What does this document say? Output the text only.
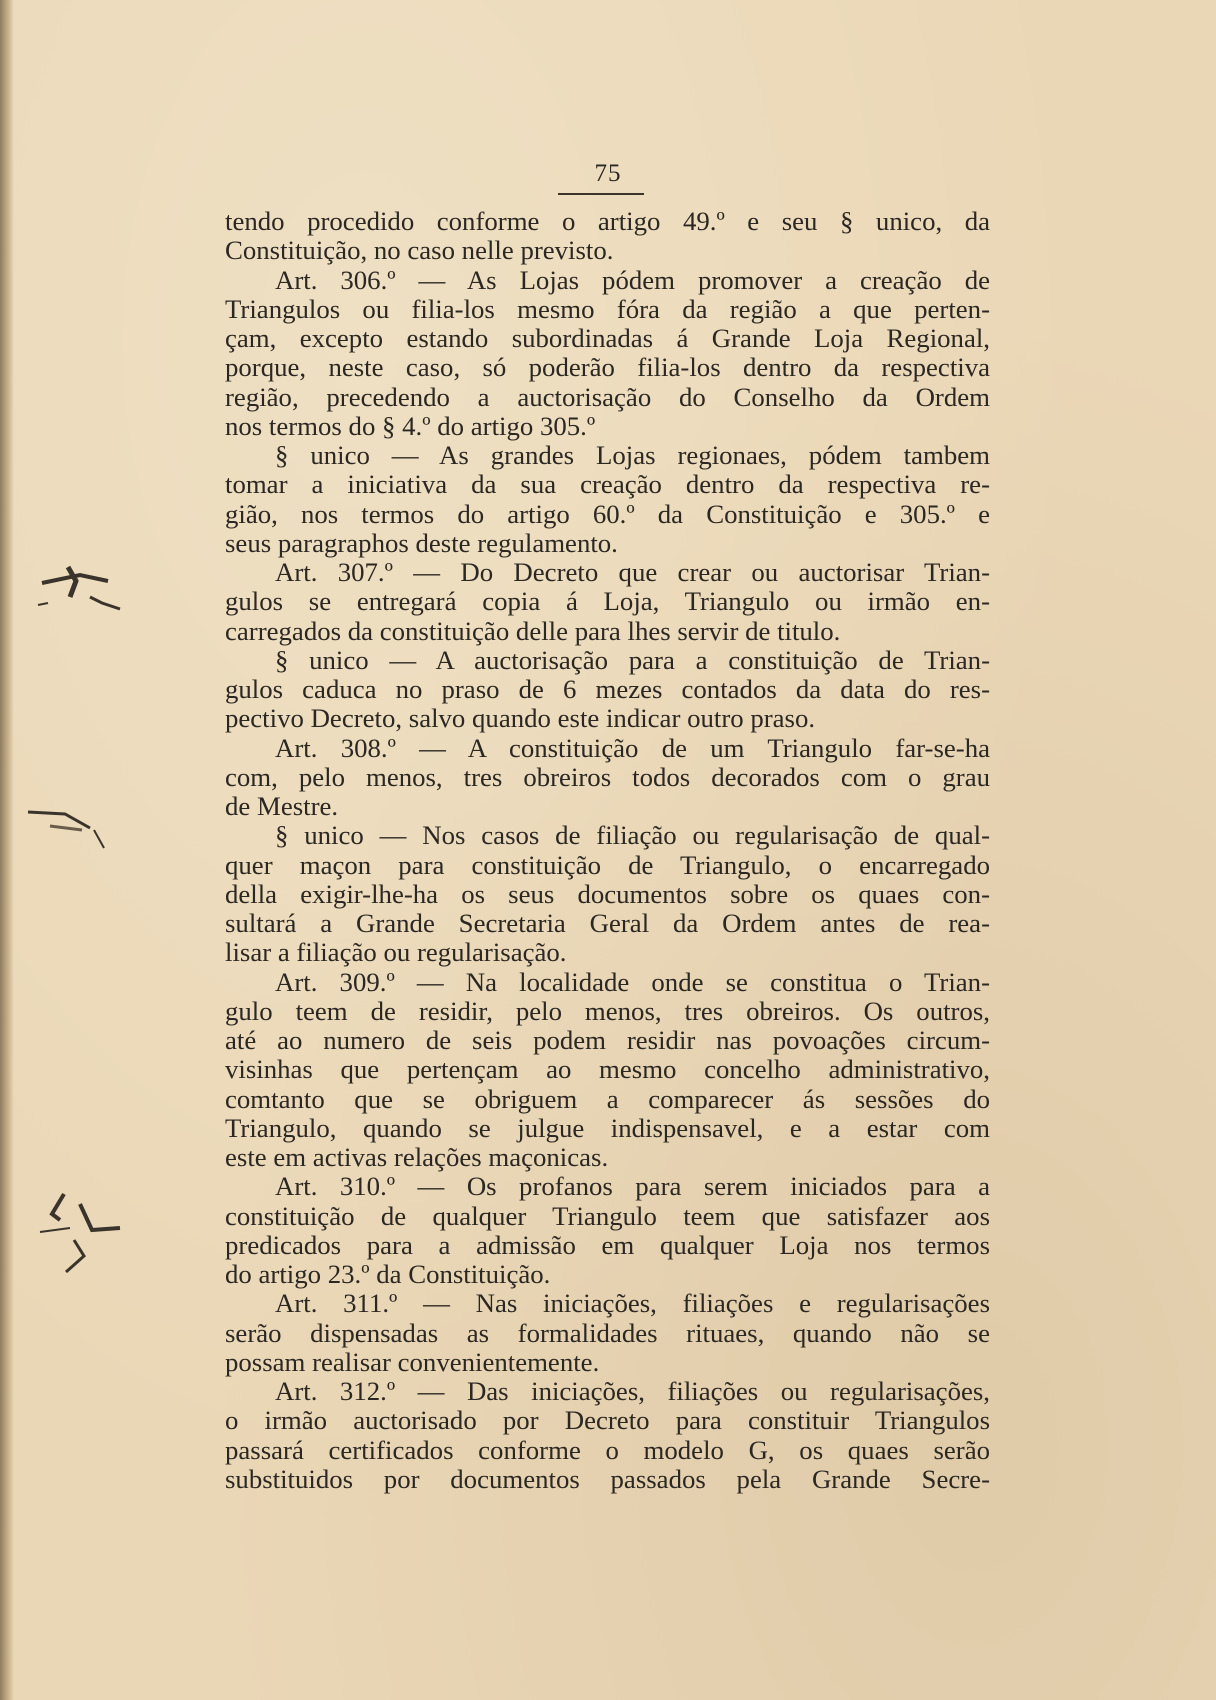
75
tendo procedido conforme o artigo 49.º e seu § unico, da
Constituição, no caso nelle previsto.
Art. 306.º — As Lojas pódem promover a creação de
Triangulos ou filia-los mesmo fóra da região a que perten-
çam, excepto estando subordinadas á Grande Loja Regional,
porque, neste caso, só poderão filia-los dentro da respectiva
região, precedendo a auctorisação do Conselho da Ordem
nos termos do § 4.º do artigo 305.º
§ unico — As grandes Lojas regionaes, pódem tambem
tomar a iniciativa da sua creação dentro da respectiva re-
gião, nos termos do artigo 60.º da Constituição e 305.º e
seus paragraphos deste regulamento.
Art. 307.º — Do Decreto que crear ou auctorisar Trian-
gulos se entregará copia á Loja, Triangulo ou irmão en-
carregados da constituição delle para lhes servir de titulo.
§ unico — A auctorisação para a constituição de Trian-
gulos caduca no praso de 6 mezes contados da data do res-
pectivo Decreto, salvo quando este indicar outro praso.
Art. 308.º — A constituição de um Triangulo far-se-ha
com, pelo menos, tres obreiros todos decorados com o grau
de Mestre.
§ unico — Nos casos de filiação ou regularisação de qual-
quer maçon para constituição de Triangulo, o encarregado
della exigir-lhe-ha os seus documentos sobre os quaes con-
sultará a Grande Secretaria Geral da Ordem antes de rea-
lisar a filiação ou regularisação.
Art. 309.º — Na localidade onde se constitua o Trian-
gulo teem de residir, pelo menos, tres obreiros. Os outros,
até ao numero de seis podem residir nas povoações circum-
visinhas que pertençam ao mesmo concelho administrativo,
comtanto que se obriguem a comparecer ás sessões do
Triangulo, quando se julgue indispensavel, e a estar com
este em activas relações maçonicas.
Art. 310.º — Os profanos para serem iniciados para a
constituição de qualquer Triangulo teem que satisfazer aos
predicados para a admissão em qualquer Loja nos termos
do artigo 23.º da Constituição.
Art. 311.º — Nas iniciações, filiações e regularisações
serão dispensadas as formalidades rituaes, quando não se
possam realisar convenientemente.
Art. 312.º — Das iniciações, filiações ou regularisações,
o irmão auctorisado por Decreto para constituir Triangulos
passará certificados conforme o modelo G, os quaes serão
substituidos por documentos passados pela Grande Secre-
